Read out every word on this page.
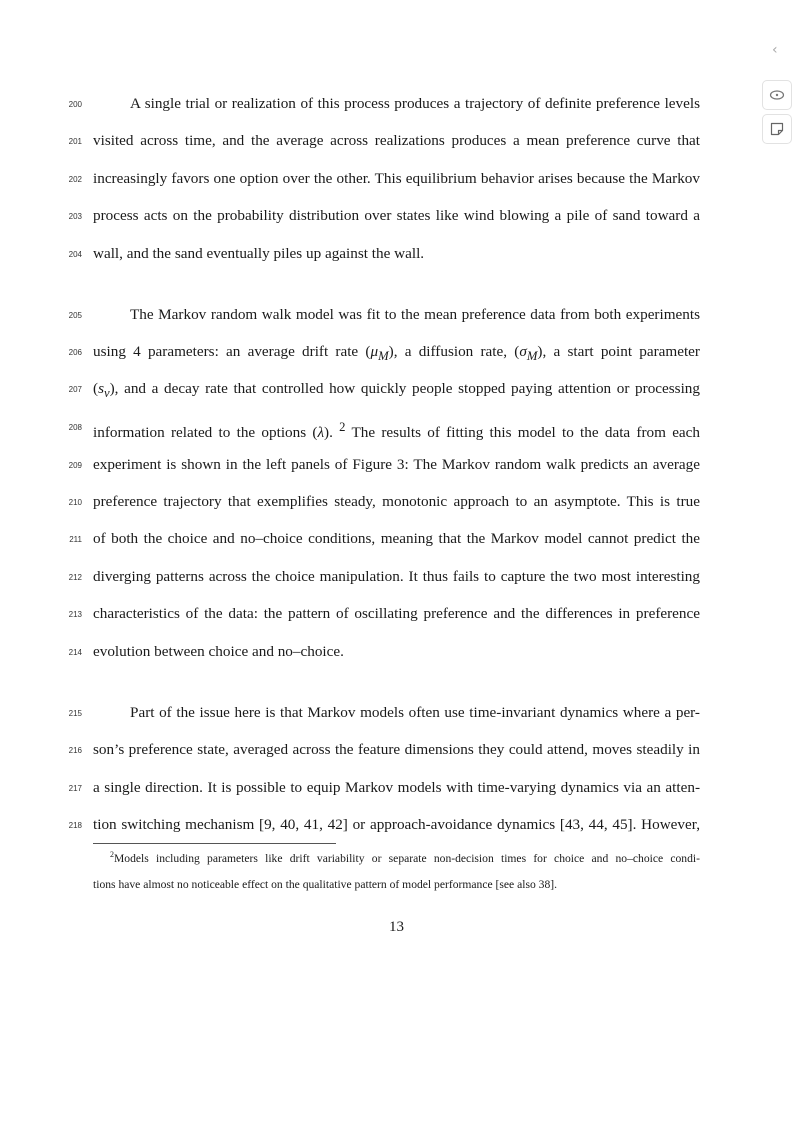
‹
200	A single trial or realization of this process produces a trajectory of definite preference levels
201 visited across time, and the average across realizations produces a mean preference curve that
202 increasingly favors one option over the other. This equilibrium behavior arises because the Markov
203 process acts on the probability distribution over states like wind blowing a pile of sand toward a
204 wall, and the sand eventually piles up against the wall.
205	The Markov random walk model was fit to the mean preference data from both experiments
206 using 4 parameters: an average drift rate $(\mu_M)$, a diffusion rate, $(\sigma_M)$, a start point parameter
207 $(s_v)$, and a decay rate that controlled how quickly people stopped paying attention or processing
208 information related to the options (λ). $^2$ The results of fitting this model to the data from each
209 experiment is shown in the left panels of Figure 3: The Markov random walk predicts an average
210 preference trajectory that exemplifies steady, monotonic approach to an asymptote. This is true
211 of both the choice and no–choice conditions, meaning that the Markov model cannot predict the
212 diverging patterns across the choice manipulation. It thus fails to capture the two most interesting
213 characteristics of the data: the pattern of oscillating preference and the differences in preference
214 evolution between choice and no–choice.
215	Part of the issue here is that Markov models often use time-invariant dynamics where a per-
216 son’s preference state, averaged across the feature dimensions they could attend, moves steadily in
217 a single direction. It is possible to equip Markov models with time-varying dynamics via an atten-
218 tion switching mechanism [9, 40, 41, 42] or approach-avoidance dynamics [43, 44, 45]. However,
$^2$Models including parameters like drift variability or separate non-decision times for choice and no–choice condi-
tions have almost no noticeable effect on the qualitative pattern of model performance [see also 38].
13
